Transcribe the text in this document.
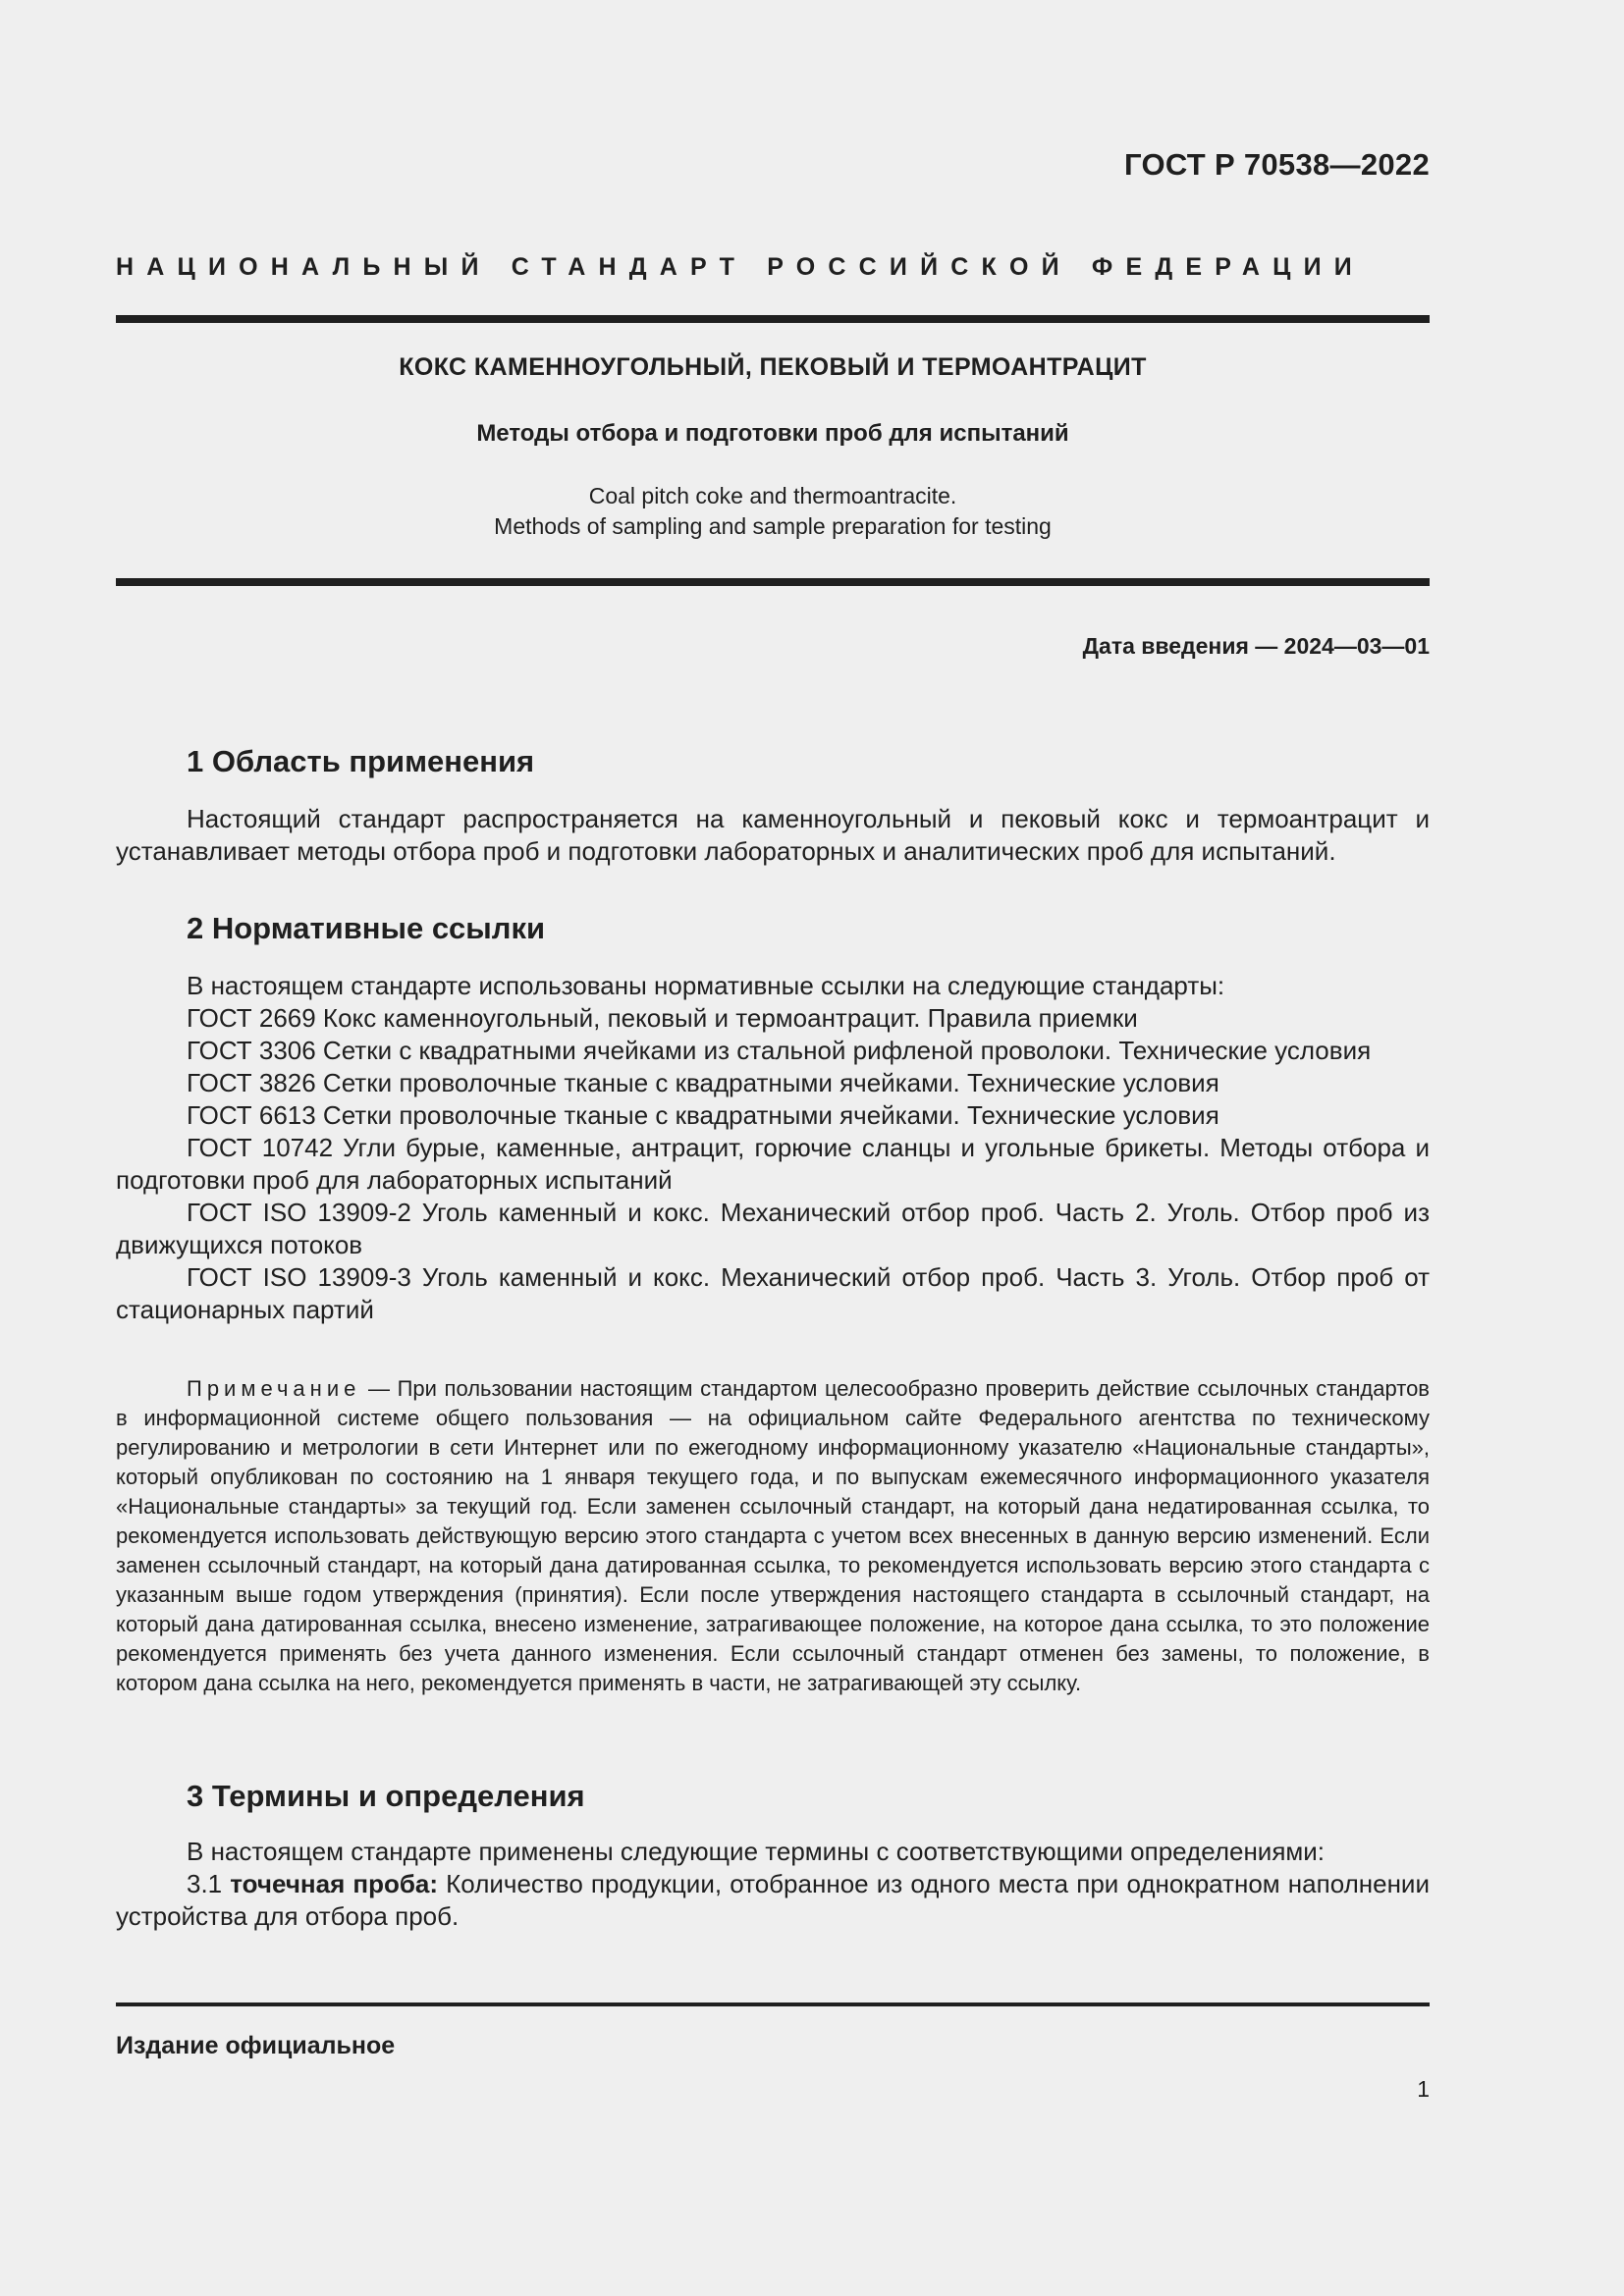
ГОСТ Р 70538—2022
НАЦИОНАЛЬНЫЙ СТАНДАРТ РОССИЙСКОЙ ФЕДЕРАЦИИ
КОКС КАМЕННОУГОЛЬНЫЙ, ПЕКОВЫЙ И ТЕРМОАНТРАЦИТ
Методы отбора и подготовки проб для испытаний
Coal pitch coke and thermoantracite.
Methods of sampling and sample preparation for testing
Дата введения — 2024—03—01
1 Область применения

Настоящий стандарт распространяется на каменноугольный и пековый кокс и термоантрацит и устанавливает методы отбора проб и подготовки лабораторных и аналитических проб для испытаний.

2 Нормативные ссылки

В настоящем стандарте использованы нормативные ссылки на следующие стандарты:

ГОСТ 2669 Кокс каменноугольный, пековый и термоантрацит. Правила приемки

ГОСТ 3306 Сетки с квадратными ячейками из стальной рифленой проволоки. Технические условия

ГОСТ 3826 Сетки проволочные тканые с квадратными ячейками. Технические условия

ГОСТ 6613 Сетки проволочные тканые с квадратными ячейками. Технические условия

ГОСТ 10742 Угли бурые, каменные, антрацит, горючие сланцы и угольные брикеты. Методы отбора и подготовки проб для лабораторных испытаний

ГОСТ ISO 13909-2 Уголь каменный и кокс. Механический отбор проб. Часть 2. Уголь. Отбор проб из движущихся потоков

ГОСТ ISO 13909-3 Уголь каменный и кокс. Механический отбор проб. Часть 3. Уголь. Отбор проб от стационарных партий

Примечание — При пользовании настоящим стандартом целесообразно проверить действие ссылочных стандартов в информационной системе общего пользования — на официальном сайте Федерального агентства по техническому регулированию и метрологии в сети Интернет или по ежегодному информационному указателю «Национальные стандарты», который опубликован по состоянию на 1 января текущего года, и по выпускам ежемесячного информационного указателя «Национальные стандарты» за текущий год. Если заменен ссылочный стандарт, на который дана недатированная ссылка, то рекомендуется использовать действующую версию этого стандарта с учетом всех внесенных в данную версию изменений. Если заменен ссылочный стандарт, на который дана датированная ссылка, то рекомендуется использовать версию этого стандарта с указанным выше годом утверждения (принятия). Если после утверждения настоящего стандарта в ссылочный стандарт, на который дана датированная ссылка, внесено изменение, затрагивающее положение, на которое дана ссылка, то это положение рекомендуется применять без учета данного изменения. Если ссылочный стандарт отменен без замены, то положение, в котором дана ссылка на него, рекомендуется применять в части, не затрагивающей эту ссылку.

3 Термины и определения

В настоящем стандарте применены следующие термины с соответствующими определениями:

3.1 точечная проба: Количество продукции, отобранное из одного места при однократном наполнении устройства для отбора проб.

Издание официальное
1
